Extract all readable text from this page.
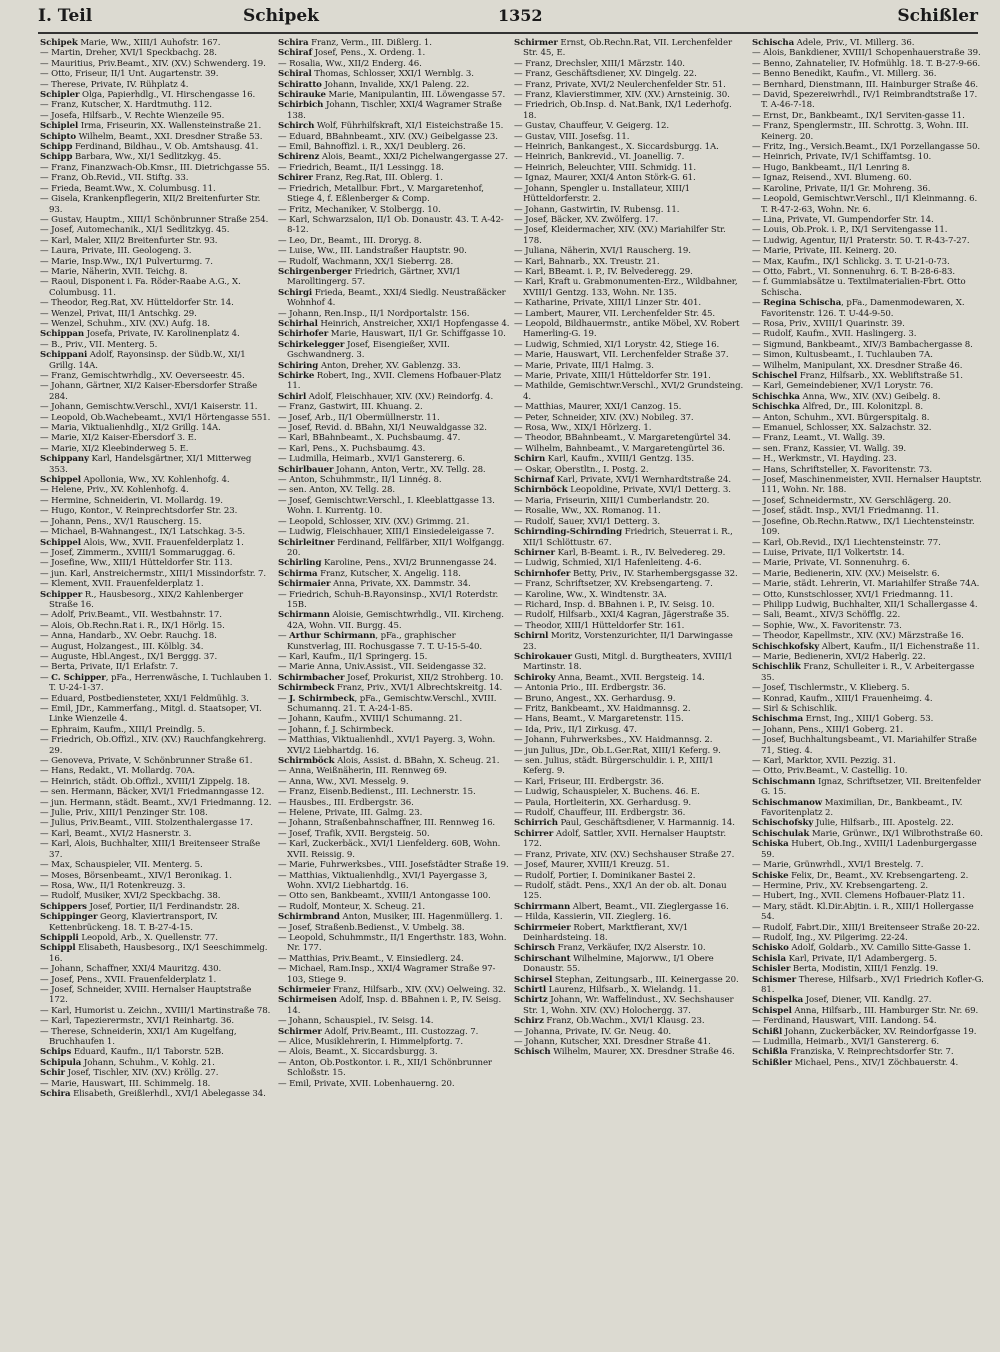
I. Teil	Schipek	1352	Schißler

Schipek Marie, Ww., XIII/1 Auhofstr. 167.

— Martin, Dreher, XVI/1 Speckbachg. 28.

— Mauritius, Priv.Beamt., XIV. (XV.) Schwenderg. 19.

— Otto, Friseur, II/1 Unt. Augartenstr. 39.

— Therese, Private, IV. Rühplatz 4.

Schipler Olga, Papierhdlg., VI. Hirschengasse 16.

— Franz, Kutscher, X. Hardtmuthg. 112.

— Josefa, Hilfsarb., V. Rechte Wienzeile 95.

Schiplel Irma, Friseurin, XX. Wallensteinstraße 21.

Schipto Wilhelm, Beamt., XXI. Dresdner Straße 53.

Schipp Ferdinand, Bildhau., V. Ob. Amtshausg. 41.

Schipp Barbara, Ww., XI/1 Sedlitzkyg. 45.

— Franz, Finanzwach-Ob.Kmsr., III. Dietrichgasse 55.

— Franz, Ob.Revid., VII. Stiftg. 33.

— Frieda, Beamt.Ww., X. Columbusg. 11.

— Gisela, Krankenpflegerin, XII/2 Breitenfurter Str. 93.

— Gustav, Hauptm., XIII/1 Schönbrunner Straße 254.

— Josef, Automechanik., XI/1 Sedlitzkyg. 45.

— Karl, Maler, XII/2 Breitenfurter Str. 93.

— Laura, Private, III. Geologeng. 3.

— Marie, Insp.Ww., IX/1 Pulverturmg. 7.

— Marie, Näherin, XVII. Teichg. 8.

— Raoul, Disponent i. Fa. Röder-Raabe A.G., X. Columbusg. 11.

— Theodor, Reg.Rat, XV. Hütteldorfer Str. 14.

— Wenzel, Privat, III/1 Antschkg. 29.

— Wenzel, Schuhm., XIV. (XV.) Aufg. 18.

Schippan Josefa, Private, IV. Karolinenplatz 4.

— B., Priv., VII. Menterg. 5.

Schippani Adolf, Rayonsinsp. der Südb.W., XI/1 Grillg. 14A.

— Franz, Gemischtwrhdlg., XV. Oeverseestr. 45.

— Johann, Gärtner, XI/2 Kaiser-Ebersdorfer Straße 284.

— Johann, Gemischtw.Verschl., XVI/1 Kaiserstr. 11.

— Leopold, Ob.Wachebeamt., XVI/1 Hörtengasse 551.

— Maria, Viktualienhdlg., XI/2 Grillg. 14A.

— Marie, XI/2 Kaiser-Ebersdorf 3. E.

— Marie, XI/2 Kleebinderweg 5. E.

Schippany Karl, Handelsgärtner, XI/1 Mitterweg 353.

Schippel Apollonia, Ww., XV. Kohlenhofg. 4.

— Helene, Priv., XV. Kohlenhofg. 4.

— Hermine, Schneiderin, VI. Mollardg. 19.

— Hugo, Kontor., V. Reinprechtsdorfer Str. 23.

— Johann, Pens., XV/1 Rauscherg. 15.

— Michael, B-Wahnangest., IX/1 Latschkag. 3-5.

Schippel Alois, Ww., XVII. Frauenfelderplatz 1.

— Josef, Zimmerm., XVIII/1 Sommaruggag. 6.

— Josefine, Ww., XIII/1 Hütteldorfer Str. 113.

— jun. Karl, Anstreichermstr., XIII/1 Missindorfstr. 7.

— Klement, XVII. Frauenfelderplatz 1.

Schipper R., Hausbesorg., XIX/2 Kahlenberger Straße 16.

— Adolf, Priv.Beamt., VII. Westbahnstr. 17.

— Alois, Ob.Rechn.Rat i. R., IX/1 Hörlg. 15.

— Anna, Handarb., XV. Oebr. Rauchg. 18.

— August, Holzangest., III. Kölblg. 34.

— Auguste, Hbl.Angest., IX/1 Berggg. 37.

— Berta, Private, II/1 Erlafstr. 7.

— C. Schipper, pFa., Herrenwäsche, I. Tuchlauben 1. T. U-24-1-37.

— Eduard, Postbediensteter, XXI/1 Feldmühlg. 3.

— Emil, JDr., Kammerfang., Mitgl. d. Staatsoper, VI. Linke Wienzeile 4.

— Ephraim, Kaufm., XIII/1 Preindlg. 5.

— Friedrich, Ob.Offizl., XIV. (XV.) Rauchfangkehrerg. 29.

— Genoveva, Private, V. Schönbrunner Straße 61.

— Hans, Redakt., VI. Mollardg. 70A.

— Heinrich, städt. Ob.Offizl., XVIII/1 Zippelg. 18.

— sen. Hermann, Bäcker, XVI/1 Friedmanngasse 12.

— jun. Hermann, städt. Beamt., XV/1 Friedmanng. 12.

— Julie, Priv., XIII/1 Penzinger Str. 108.

— Julius, Priv.Beamt., VIII. Stolzenthalergasse 17.

— Karl, Beamt., XVI/2 Hasnerstr. 3.

— Karl, Alois, Buchhalter, XIII/1 Breitenseer Straße 37.

— Max, Schauspieler, VII. Menterg. 5.

— Moses, Börsenbeamt., XIV/1 Beronikag. 1.

— Rosa, Ww., II/1 Rotenkreuzg. 3.

— Rudolf, Musiker, XVI/2 Speckbachg. 38.

Schippers Josef, Portier, II/1 Ferdinandstr. 28.

Schippinger Georg, Klaviertransport, IV. Kettenbrückeng. 18. T. B-27-4-15.

Schippli Leopold, Arb., X. Quellenstr. 77.

Schippl Elisabeth, Hausbesorg., IX/1 Seeschimmelg. 16.

— Johann, Schaffner, XXI/4 Mauritzg. 430.

— Josef, Pens., XVII. Frauenfelderplatz 1.

— Josef, Schneider, XVIII. Hernalser Hauptstraße 172.

— Karl, Humorist u. Zeichn., XVIII/1 Martinstraße 78.

— Karl, Tapezierermstr., XVI/1 Reinhartg. 36.

— Therese, Schneiderin, XXI/1 Am Kugelfang, Bruchhaufen 1.

Schips Eduard, Kaufm., II/1 Taborstr. 52B.

Schipula Johann, Schuhm., V. Kohlg. 21.

Schir Josef, Tischler, XIV. (XV.) Kröllg. 27.

— Marie, Hauswart, III. Schimmelg. 18.

Schira Elisabeth, Greißlerhdl., XVI/1 Abelegasse 34.

Schira Franz, Verm., III. Dißlerg. 1.

Schiraf Josef, Pens., X. Ordeng. 1.

— Rosalia, Ww., XII/2 Enderg. 46.

Schiral Thomas, Schlosser, XXI/1 Wernblg. 3.

Schiratto Johann, Invalide, XX/1 Paleng. 22.

Schirauke Marie, Manipulantin, III. Löwengasse 57.

Schirbich Johann, Tischler, XXI/4 Wagramer Straße 138.

Schirch Wolf, Führhilfskraft, XI/1 Eisteichstraße 15.

— Eduard, BBahnbeamt., XIV. (XV.) Geibelgasse 23.

— Emil, Bahnoffizl. i. R., XX/1 Deublerg. 26.

Schirenz Alois, Beamt., XXI/2 Pichelwangergasse 27.

— Friedrich, Beamt., II/1 Lessingg. 18.

Schirer Franz, Reg.Rat, III. Oblerg. 1.

— Friedrich, Metallbur. Fbrt., V. Margaretenhof, Stiege 4, f. Eßlenberger & Comp.

— Fritz, Mechaniker, V. Stolbergg. 10.

— Karl, Schwarzsalon, II/1 Ob. Donaustr. 43. T. A-42-8-12.

— Leo, Dr., Beamt., III. Droryg. 8.

— Luise, Ww., III. Landstraßer Hauptstr. 90.

— Rudolf, Wachmann, XX/1 Sieberrg. 28.

Schirgenberger Friedrich, Gärtner, XVI/1 Marolltingerg. 57.

Schirgi Frieda, Beamt., XXI/4 Siedlg. Neustraßäcker Wohnhof 4.

— Johann, Ren.Insp., II/1 Nordportalstr. 156.

Schirhal Heinrich, Anstreicher, XXI/1 Hopfengasse 4.

Schirhofer Marie, Hauswart, II/1 Gr. Schiffgasse 10.

Schirkelegger Josef, Eisengießer, XVII. Gschwandnerg. 3.

Schiring Anton, Dreher, XV. Gablenzg. 33.

Schirke Robert, Ing., XVII. Clemens Hofbauer-Platz 11.

Schirl Adolf, Fleischhauer, XIV. (XV.) Reindorfg. 4.

— Franz, Gastwirt, III. Khuang. 2.

— Josef, Arb., II/1 Obermüllnerstr. 11.

— Josef, Revid. d. BBahn, XI/1 Neuwaldgasse 32.

— Karl, BBahnbeamt., X. Puchsbaumg. 47.

— Karl, Pens., X. Puchsbaumg. 43.

— Ludmilla, Heimarb., XVI/1 Ganstererg. 6.

Schirlbauer Johann, Anton, Vertr., XV. Tellg. 28.

— Anton, Schuhmmstr., II/1 Linnég. 8.

— sen. Anton, XV. Tellg. 28.

— Josef, Gemischtwr.Verschl., I. Kleeblattgasse 13. Wohn. I. Kurrentg. 10.

— Leopold, Schlosser, XIV. (XV.) Grimmg. 21.

— Ludwig, Fleischhauer, XIII/1 Einsiedeleigasse 7.

Schirleitner Ferdinand, Fellfärber, XII/1 Wolfgangg. 20.

Schirling Karoline, Pens., XVI/2 Brunnengasse 24.

Schirma Franz, Kutscher, X. Angelig. 118.

Schirmaier Anna, Private, XX. Dammstr. 34.

— Friedrich, Schuh-B.Rayonsinsp., XVI/1 Roterdstr. 15B.

Schirmann Aloisie, Gemischtwrhdlg., VII. Kircheng. 42A, Wohn. VII. Burgg. 45.

— Arthur Schirmann, pFa., graphischer Kunstverlag, III. Rochusgasse 7. T. U-15-5-40.

— Karl, Kaufm., II/1 Springerg. 15.

— Marie Anna, Univ.Assist., VII. Seidengasse 32.

Schirmbacher Josef, Prokurist, XII/2 Strohberg. 10.

Schirmbeck Franz, Priv., XVI/1 Albrechtskreitg. 14.

— J. Schirmbeck, pFa., Gemischtw.Verschl., XVIII. Schumannq. 21. T. A-24-1-85.

— Johann, Kaufm., XVIII/1 Schumanng. 21.

— Johann, f. J. Schirmbeck.

— Matthias, Viktualienhdl., XVI/1 Payerg. 3, Wohn. XVI/2 Liebhartdg. 16.

Schirmböck Alois, Assist. d. BBahn, X. Scheug. 21.

— Anna, Weißnäherin, III. Rennweg 69.

— Anna, Ww., XVI. Messelg. 9.

— Franz, Eisenb.Bedienst., III. Lechnerstr. 15.

— Hausbes., III. Erdbergstr. 36.

— Helene, Private, III. Galmg. 23.

— Johann, Straßenbahnschaffner, III. Rennweg 16.

— Josef, Trafik, XVII. Bergsteig. 50.

— Karl, Zuckerbäck., XVI/1 Lienfelderg. 60B, Wohn. XVII. Reissig. 9.

— Marie, Fuhrwerksbes., VIII. Josefstädter Straße 19.

— Matthias, Viktualienhdlg., XVI/1 Payergasse 3, Wohn. XVI/2 Liebhartdg. 16.

— Otto sen, Bankbeamt., XVIII/1 Antongasse 100.

— Rudolf, Monteur, X. Scheug. 21.

Schirmbrand Anton, Musiker, III. Hagenmüllerg. 1.

— Josef, Straßenb.Bedienst., V. Umbelg. 38.

— Leopold, Schuhmmstr., II/1 Engerthstr. 183, Wohn. Nr. 177.

— Matthias, Priv.Beamt., V. Einsiedlerg. 24.

— Michael, Ram.Insp., XXI/4 Wagramer Straße 97-103, Stiege 9.

Schirmeier Franz, Hilfsarb., XIV. (XV.) Oelweing. 32.

Schirmeisen Adolf, Insp. d. BBahnen i. P., IV. Seisg. 14.

— Johann, Schauspiel., IV. Seisg. 14.

Schirmer Adolf, Priv.Beamt., III. Custozzag. 7.

— Alice, Musiklehrerin, I. Himmelpfortg. 7.

— Alois, Beamt., X. Siccardsburgg. 3.

— Anton, Ob.Postkontor. i. R., XII/1 Schönbrunner Schloßstr. 15.

— Emil, Private, XVII. Lobenhauerng. 20.

Schirmer Ernst, Ob.Rechn.Rat, VII. Lerchenfelder Str. 45, E.

— Franz, Drechsler, XIII/1 Märzstr. 140.

— Franz, Geschäftsdiener, XV. Dingelg. 22.

— Franz, Private, XVI/2 Neulerchenfelder Str. 51.

— Franz, Klavierstimmer, XIV. (XV.) Arnsteinig. 30.

— Friedrich, Ob.Insp. d. Nat.Bank, IX/1 Lederhofg. 18.

— Gustav, Chauffeur, V. Geigerg. 12.

— Gustav, VIII. Josefsg. 11.

— Heinrich, Bankangest., X. Siccardsburgg. 1A.

— Heinrich, Bankrevid., VI. Joanellig. 7.

— Heinrich, Beleuchter, VIII. Schmidg. 11.

— Ignaz, Maurer, XXI/4 Anton Störk-G. 61.

— Johann, Spengler u. Installateur, XIII/1 Hütteldorferstr. 2.

— Johann, Gastwirtin, IV. Rubensg. 11.

— Josef, Bäcker, XV. Zwölferg. 17.

— Josef, Kleidermacher, XIV. (XV.) Mariahilfer Str. 178.

— Juliana, Näherin, XVI/1 Rauscherg. 19.

— Karl, Bahnarb., XX. Treustr. 21.

— Karl, BBeamt. i. P., IV. Belvederegg. 29.

— Karl, Kraft u. Grabmonumenten-Erz., Wildbahner, XVIII/1 Gentzg. 133, Wohn. Nr. 135.

— Katharine, Private, XIII/1 Linzer Str. 401.

— Lambert, Maurer, VII. Lerchenfelder Str. 45.

— Leopold, Bildhauermstr., antike Möbel, XV. Robert Hamerling-G. 19.

— Ludwig, Schmied, XI/1 Lorystr. 42, Stiege 16.

— Marie, Hauswart, VII. Lerchenfelder Straße 37.

— Marie, Private, III/1 Halmg. 3.

— Marie, Private, XIII/1 Hütteldorfer Str. 191.

— Mathilde, Gemischtwr.Verschl., XVI/2 Grundsteing. 4.

— Matthias, Maurer, XXI/1 Canzog. 15.

— Peter, Schneider, XIV. (XV.) Nobileg. 37.

— Rosa, Ww., XIX/1 Hörlzerg. 1.

— Theodor, BBahnbeamt., V. Margaretengürtel 34.

— Wilhelm, Bahnbeamt., V. Margaretengürtel 36.

Schirn Karl, Kaufm., XVIII/1 Gentzg. 135.

— Oskar, Oberstltn., I. Postg. 2.

Schirnaf Karl, Private, XVI/1 Wernhardtstraße 24.

Schirnböck Leopoldine, Private, XVI/1 Detterg. 3.

— Maria, Friseurin, XIII/1 Cumberlandstr. 20.

— Rosalie, Ww., XX. Romanog. 11.

— Rudolf, Sauer, XVI/1 Detterg. 3.

Schirnding-Schirnding Friedrich, Steuerrat i. R., XII/1 Schlöttustr. 67.

Schirner Karl, B-Beamt. i. R., IV. Belvedereg. 29.

— Ludwig, Schmied, XI/1 Hafenleiteng. 4-6.

Schirnhofer Betty, Priv., IV. Starhembergsgasse 32.

— Franz, Schriftsetzer, XV. Krebsengarteng. 7.

— Karoline, Ww., X. Windtenstr. 3A.

— Richard, Insp. d. BBahnen i. P., IV. Seisg. 10.

— Rudolf, Hilfsarb., XXI/4 Kagran, Jägerstraße 35.

— Theodor, XIII/1 Hütteldorfer Str. 161.

Schirnl Moritz, Vorstenzurichter, II/1 Darwingasse 23.

Schirokauer Gusti, Mitgl. d. Burgtheaters, XVIII/1 Martinstr. 18.

Schiroky Anna, Beamt., XVII. Bergsteig. 14.

— Antonia Prio., III. Erdbergstr. 36.

— Bruno, Angest., XX. Gerhardusg. 9.

— Fritz, Bankbeamt., XV. Haidmannsg. 2.

— Hans, Beamt., V. Margaretenstr. 115.

— Ida, Priv., II/1 Zirkusg. 47.

— Johann, Fuhrwerksbes., XV. Haidmannsg. 2.

— jun Julius, JDr., Ob.L.Ger.Rat, XIII/1 Keferg. 9.

— sen. Julius, städt. Bürgerschuldir. i. P., XIII/1 Keferg. 9.

— Karl, Friseur, III. Erdbergstr. 36.

— Ludwig, Schauspieler, X. Buchens. 46. E.

— Paula, Hortleiterin, XX. Gerhardusg. 9.

— Rudolf, Chauffeur, III. Erdbergstr. 36.

Schirrich Paul, Geschäftsdiener, V. Harmannig. 14.

Schirrer Adolf, Sattler, XVII. Hernalser Hauptstr. 172.

— Franz, Private, XIV. (XV.) Sechshauser Straße 27.

— Josef, Maurer, XVIII/1 Kreuzg. 51.

— Rudolf, Portier, I. Dominikaner Bastei 2.

— Rudolf, städt. Pens., XX/1 An der ob. alt. Donau 125.

Schirrmann Albert, Beamt., VII. Zieglergasse 16.

— Hilda, Kassierin, VII. Zieglerg. 16.

Schirrmeier Robert, Marktfierant, XV/1 Deinhardsteing. 18.

Schirsch Franz, Verkäufer, IX/2 Alserstr. 10.

Schirschant Wilhelmine, Majorww., I/1 Obere Donaustr. 55.

Schirsel Stephan, Zeitungsarb., III. Keinergasse 20.

Schirtl Laurenz, Hilfsarb., X. Wielandg. 11.

Schirtz Johann, Wr. Waffelindust., XV. Sechshauser Str. 1, Wohn. XIV. (XV.) Holochergg. 37.

Schirz Franz, Ob.Wachm., XVI/1 Klausg. 23.

— Johanna, Private, IV. Gr. Neug. 40.

— Johann, Kutscher, XXI. Dresdner Straße 41.

Schisch Wilhelm, Maurer, XX. Dresdner Straße 46.

Schischa Adele, Priv., VI. Millerg. 36.

— Alois, Bankdiener, XVIII/1 Schopenhauerstraße 39.

— Benno, Zahnatelier, IV. Hofmühlg. 18. T. B-27-9-66.

— Benno Benedikt, Kaufm., VI. Millerg. 36.

— Bernhard, Dienstmann, III. Hainburger Straße 46.

— David, Spezereiwrhdl., IV/1 Reimbrandtstraße 17. T. A-46-7-18.

— Ernst, Dr., Bankbeamt., IX/1 Serviten-gasse 11.

— Franz, Spenglermstr., III. Schrottg. 3, Wohn. III. Keinerg. 20.

— Fritz, Ing., Versich.Beamt., IX/1 Porzellangasse 50.

— Heinrich, Private, IV/1 Schiffamtsg. 10.

— Hugo, Bankbeamt., II/1 Lenring 8.

— Ignaz, Reisend., XVI. Blumeng. 60.

— Karoline, Private, II/1 Gr. Mohreng. 36.

— Leopold, Gemischtwr.Verschl., II/1 Kleinmanng. 6. T. R-47-2-63, Wohn. Nr. 6.

— Lina, Private, VI. Gumpendorfer Str. 14.

— Louis, Ob.Prok. i. P., IX/1 Servitengasse 11.

— Ludwig, Agentur, II/1 Praterstr. 50. T. R-43-7-27.

— Marie, Private, III. Keinerg. 20.

— Max, Kaufm., IX/1 Schlickg. 3. T. U-21-0-73.

— Otto, Fabrt., VI. Sonnenuhrg. 6. T. B-28-6-83.

— f. Gummiabsätze u. Textilmaterialien-Fbrt. Otto Schischa.

— Regina Schischa, pFa., Damenmodewaren, X. Favoritenstr. 126. T. U-44-9-50.

— Rosa, Priv., XVIII/1 Quarinstr. 39.

— Rudolf, Kaufm., XVII. Haslingerg. 3.

— Sigmund, Bankbeamt., XIV/3 Bambachergasse 8.

— Simon, Kultusbeamt., I. Tuchlauben 7A.

— Wilhelm, Manipulant, XX. Dresdner Straße 46.

Schischel Franz, Hilfsarb., XX. Webliftstraße 51.

— Karl, Gemeindebiener, XV/1 Lorystr. 76.

Schischka Anna, Ww., XIV. (XV.) Geibelg. 8.

Schischka Alfred, Dr., III. Kolonitzpl. 8.

— Anton, Schuhm., XVI. Bürgerspitalg. 8.

— Emanuel, Schlosser, XX. Salzachstr. 32.

— Franz, Leamt., VI. Wallg. 39.

— sen. Franz, Kassier, VI. Wallg. 39.

— H., Werkmstr., VI. Hayding. 23.

— Hans, Schriftsteller, X. Favoritenstr. 73.

— Josef, Maschinenmeister, XVII. Hernalser Hauptstr. 111, Wohn. Nr. 188.

— Josef, Schneidermstr., XV. Gerschlägerg. 20.

— Josef, städt. Insp., XVI/1 Friedmanng. 11.

— Josefine, Ob.Rechn.Ratww., IX/1 Liechtensteinstr. 109.

— Karl, Ob.Revid., IX/1 Liechtensteinstr. 77.

— Luise, Private, II/1 Volkertstr. 14.

— Marie, Private, VI. Sonnenuhrg. 6.

— Marie, Bedienerin, XIV. (XV.) Meiselstr. 6.

— Marie, städt. Lehrerin, VI. Mariahilfer Straße 74A.

— Otto, Kunstschlosser, XVI/1 Friedmanng. 11.

— Philipp Ludwig, Buchhalter, XII/1 Schallergasse 4.

— Sali, Beamt., XIV/3 Schöfflg. 22.

— Sophie, Ww., X. Favoritenstr. 73.

— Theodor, Kapellmstr., XIV. (XV.) Märzstraße 16.

Schischkofsky Albert, Kaufm., II/1 Eichenstraße 11.

— Marie, Bedienerin, XVI/2 Haberlg. 22.

Schischlik Franz, Schulleiter i. R., V. Arbeitergasse 35.

— Josef, Tischlermstr., V. Klieberg. 5.

— Konrad, Kaufm., XIII/1 Frauenheimg. 4.

— Sirl & Schischlik.

Schischma Ernst, Ing., XIII/1 Goberg. 53.

— Johann, Pens., XIII/1 Goberg. 21.

— Josef, Buchhaltungsbeamt., VI. Mariahilfer Straße 71, Stieg. 4.

— Karl, Marktor, XVII. Pezzig. 31.

— Otto, Priv.Beamt., V. Castellig. 10.

Schischmann Ignaz, Schriftsetzer, VII. Breitenfelder G. 15.

Schischmanow Maximilian, Dr., Bankbeamt., IV. Favoritenplatz 2.

Schischofsky Julie, Hilfsarb., III. Apostelg. 22.

Schischulak Marie, Grünwr., IX/1 Wilbrothstraße 60.

Schiska Hubert, Ob.Ing., XVIII/1 Ladenburgergasse 59.

— Marie, Grünwrhdl., XVI/1 Brestelg. 7.

Schiske Felix, Dr., Beamt., XV. Krebsengarteng. 2.

— Hermine, Priv., XV. Krebsengarteng. 2.

— Hubert, Ing., XVII. Clemens Hofbauer-Platz 11.

— Mary, städt. Kl.Dir.Abjtin. i. R., XIII/1 Hollergasse 54.

— Rudolf, Fabrt.Dir., XIII/1 Breitenseer Straße 20-22.

— Rudolf, Ing., XV. Pilgerimg. 22-24.

Schisko Adolf, Goldarb., XV. Camillo Sitte-Gasse 1.

Schisla Karl, Private, II/1 Adambergerg. 5.

Schisler Berta, Modistin, XIII/1 Fenzlg. 19.

Schismer Therese, Hilfsarb., XV/1 Friedrich Kofler-G. 81.

Schispelka Josef, Diener, VII. Kandlg. 27.

Schispel Anna, Hilfsarb., III. Hamburger Str. Nr. 69.

— Ferdinand, Hauswart, VIII. Landong. 54.

Schißl Johann, Zuckerbäcker, XV. Reindorfgasse 19.

— Ludmilla, Heimarb., XVI/1 Ganstererg. 6.

Schißla Franziska, V. Reinprechtsdorfer Str. 7.

Schißler Michael, Pens., XIV/1 Zöchbauerstr. 4.
